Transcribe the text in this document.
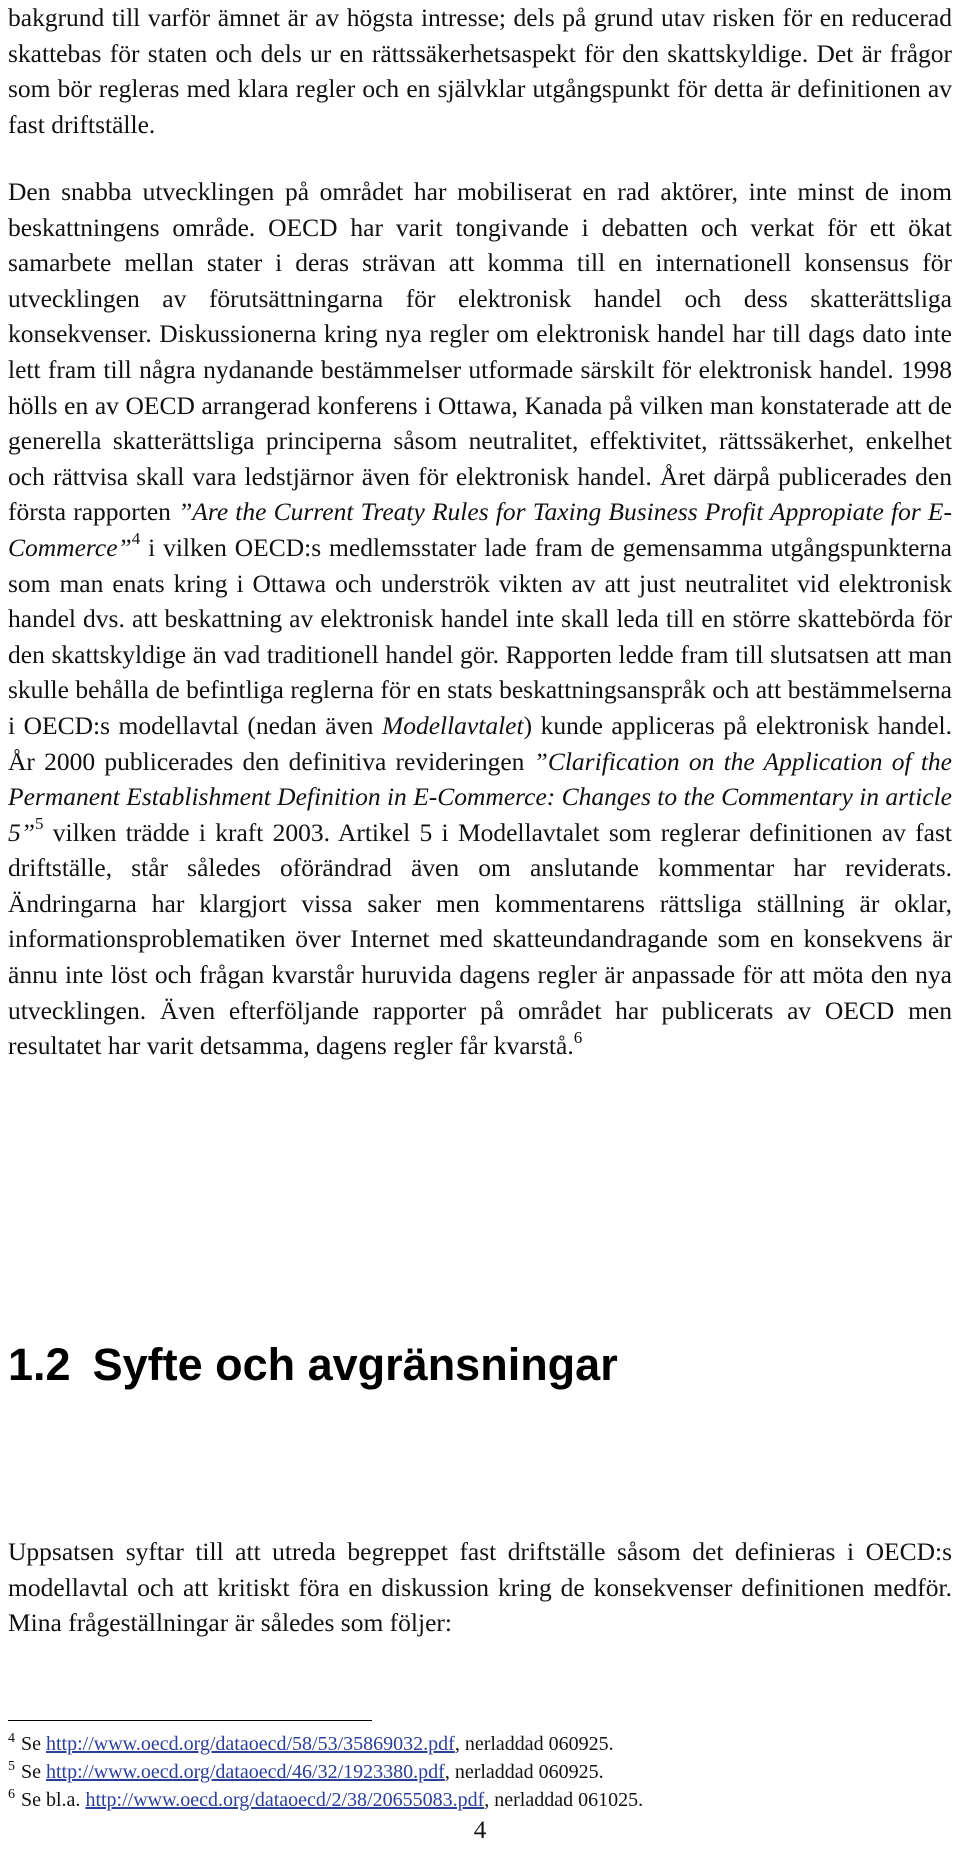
bakgrund till varför ämnet är av högsta intresse; dels på grund utav risken för en reducerad skattebas för staten och dels ur en rättssäkerhetsaspekt för den skattskyldige. Det är frågor som bör regleras med klara regler och en självklar utgångspunkt för detta är definitionen av fast driftställe.

Den snabba utvecklingen på området har mobiliserat en rad aktörer, inte minst de inom beskattningens område. OECD har varit tongivande i debatten och verkat för ett ökat samarbete mellan stater i deras strävan att komma till en internationell konsensus för utvecklingen av förutsättningarna för elektronisk handel och dess skatterättsliga konsekvenser. Diskussionerna kring nya regler om elektronisk handel har till dags dato inte lett fram till några nydanande bestämmelser utformade särskilt för elektronisk handel. 1998 hölls en av OECD arrangerad konferens i Ottawa, Kanada på vilken man konstaterade att de generella skatterättsliga principerna såsom neutralitet, effektivitet, rättssäkerhet, enkelhet och rättvisa skall vara ledstjärnor även för elektronisk handel. Året därpå publicerades den första rapporten ”Are the Current Treaty Rules for Taxing Business Profit Appropiate for E-Commerce”$^4$ i vilken OECD:s medlemsstater lade fram de gemensamma utgångspunkterna som man enats kring i Ottawa och underströk vikten av att just neutralitet vid elektronisk handel dvs. att beskattning av elektronisk handel inte skall leda till en större skattebörda för den skattskyldige än vad traditionell handel gör. Rapporten ledde fram till slutsatsen att man skulle behålla de befintliga reglerna för en stats beskattningsanspråk och att bestämmelserna i OECD:s modellavtal (nedan även Modellavtalet) kunde appliceras på elektronisk handel. År 2000 publicerades den definitiva revideringen ”Clarification on the Application of the Permanent Establishment Definition in E-Commerce: Changes to the Commentary in article 5”$^5$ vilken trädde i kraft 2003. Artikel 5 i Modellavtalet som reglerar definitionen av fast driftställe, står således oförändrad även om anslutande kommentar har reviderats. Ändringarna har klargjort vissa saker men kommentarens rättsliga ställning är oklar, informationsproblematiken över Internet med skatteundandragande som en konsekvens är ännu inte löst och frågan kvarstår huruvida dagens regler är anpassade för att möta den nya utvecklingen. Även efterföljande rapporter på området har publicerats av OECD men resultatet har varit detsamma, dagens regler får kvarstå.$^6$

1.2 Syfte och avgränsningar

Uppsatsen syftar till att utreda begreppet fast driftställe såsom det definieras i OECD:s modellavtal och att kritiskt föra en diskussion kring de konsekvenser definitionen medför. Mina frågeställningar är således som följer:

$^4$ Se http://www.oecd.org/dataoecd/58/53/35869032.pdf, nerladdad 060925.
$^5$ Se http://www.oecd.org/dataoecd/46/32/1923380.pdf, nerladdad 060925.
$^6$ Se bl.a. http://www.oecd.org/dataoecd/2/38/20655083.pdf, nerladdad 061025.
4
